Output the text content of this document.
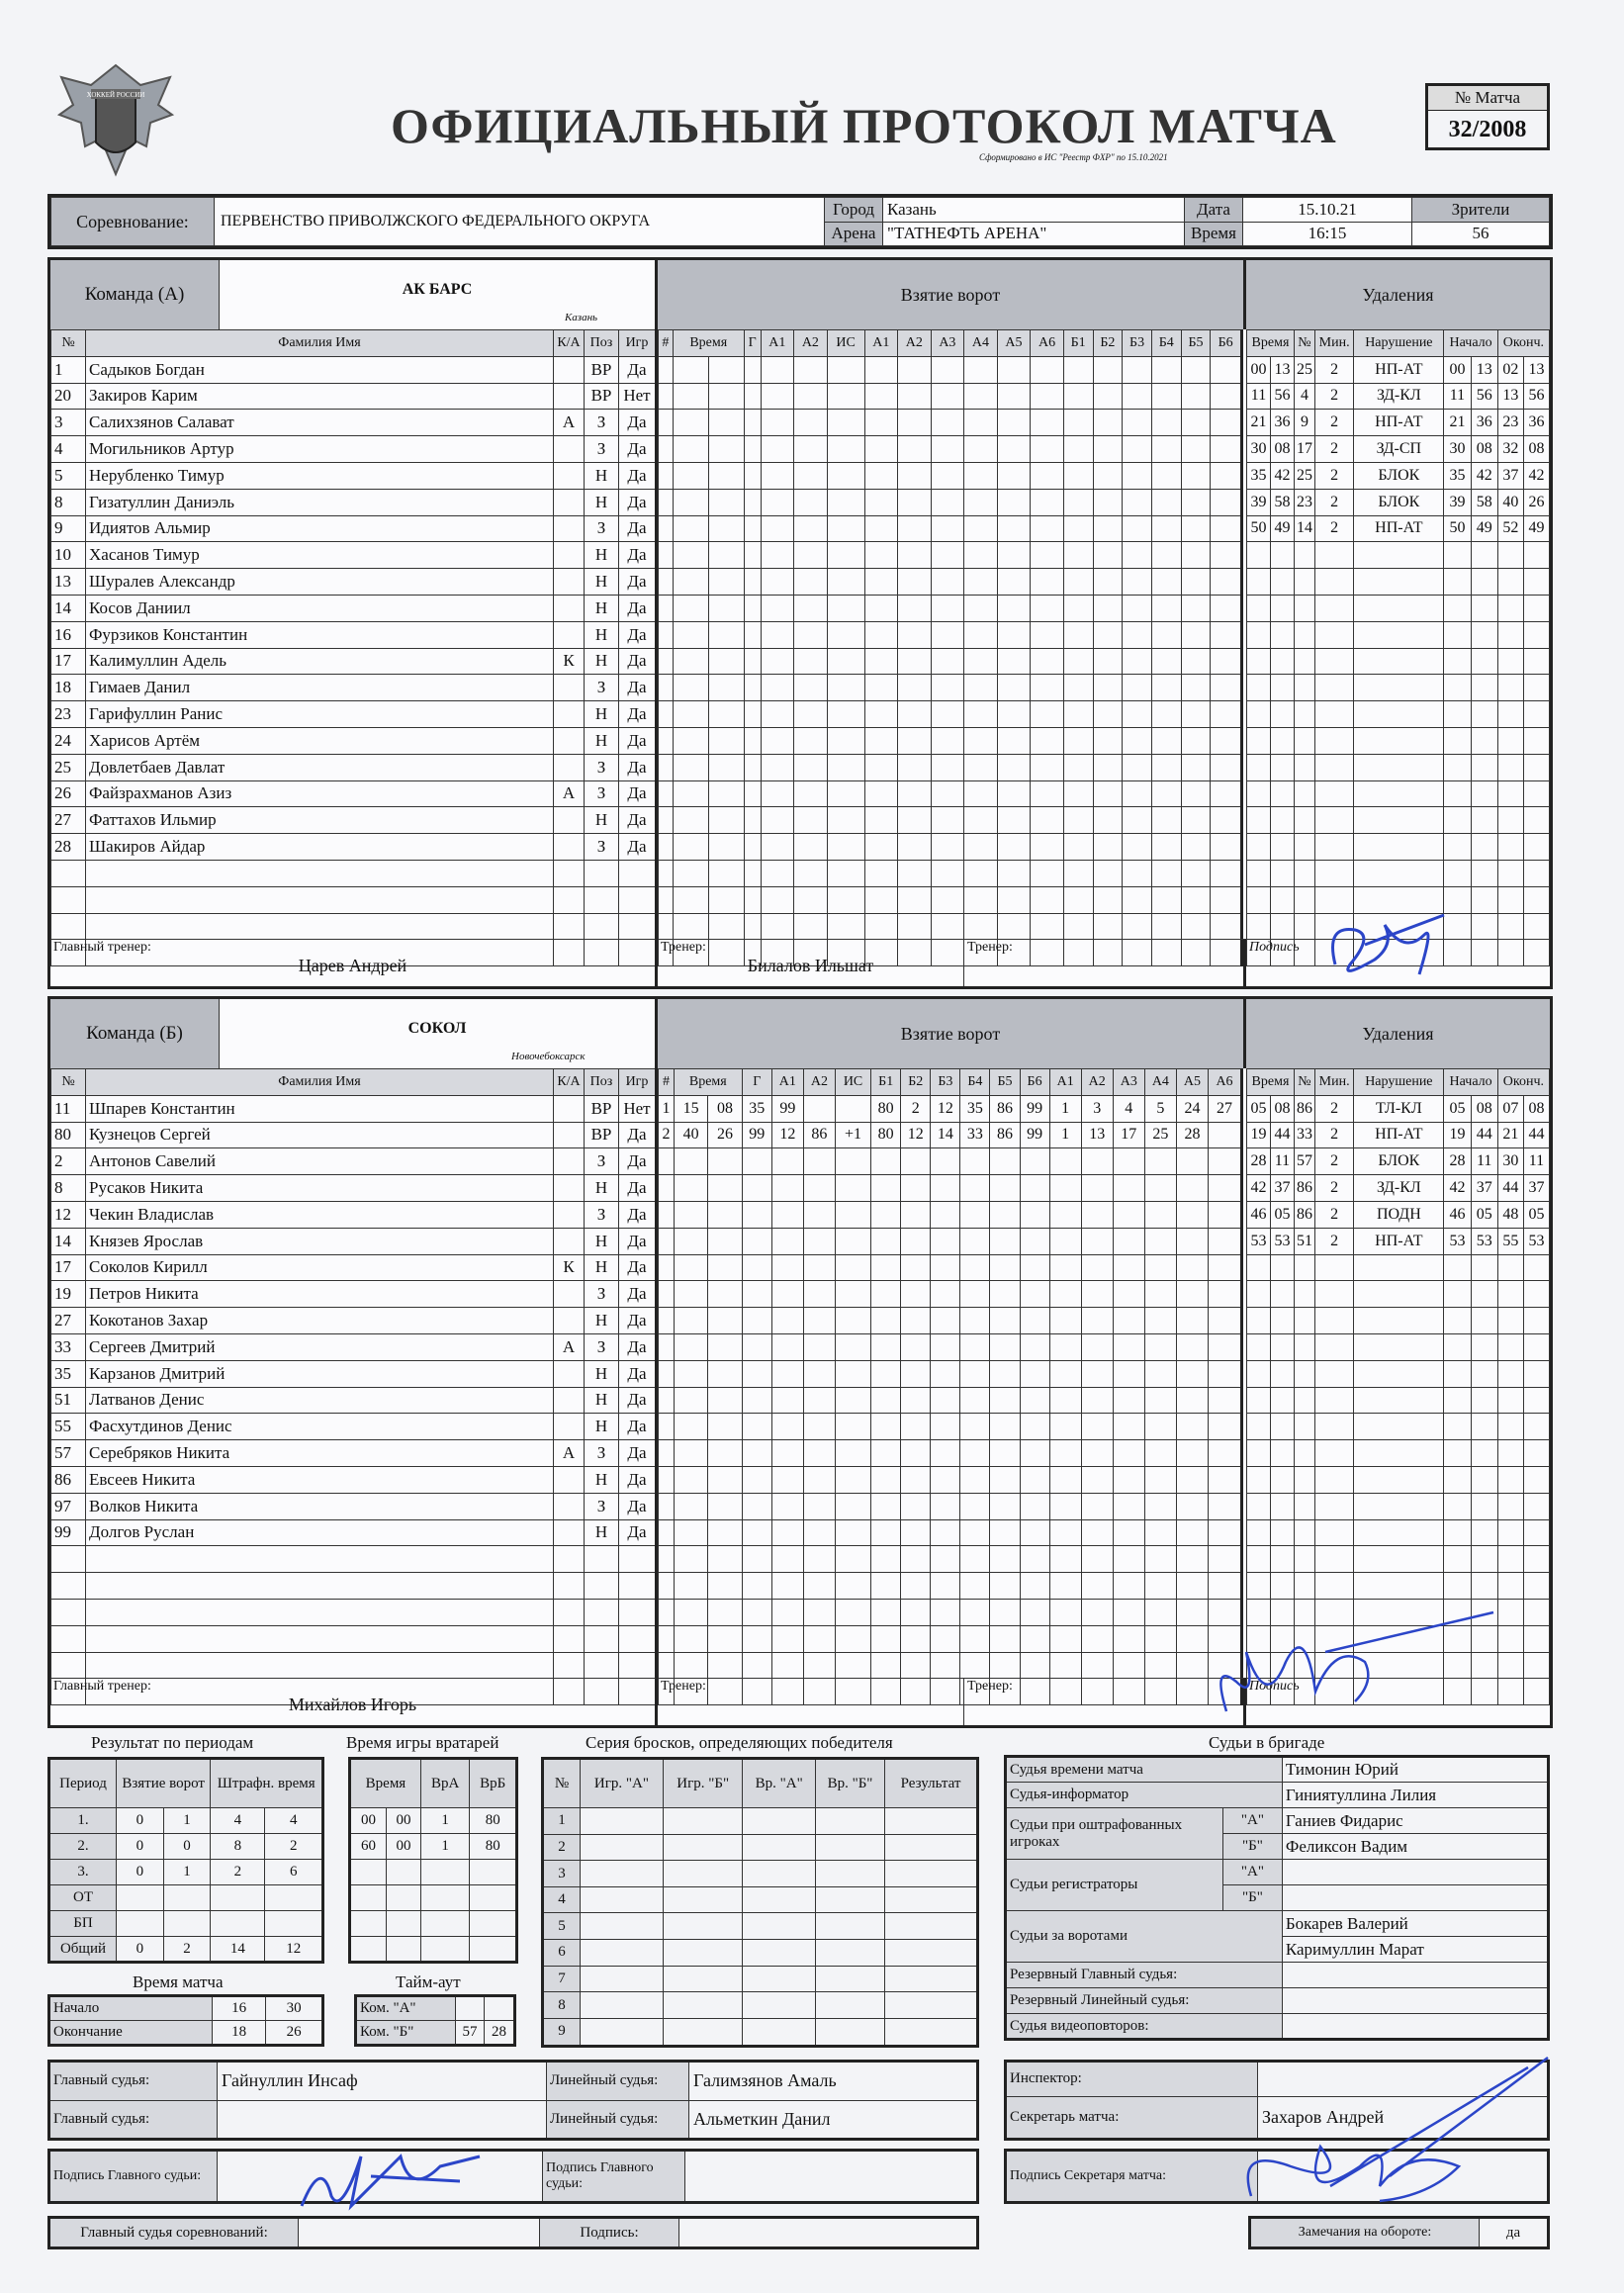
ХОККЕЙ РОССИИ
ОФИЦИАЛЬНЫЙ ПРОТОКОЛ МАТЧА
Сформировано в ИС "Реестр ФХР" по 15.10.2021
№ Матча
32/2008
Соревнование:	ПЕРВЕНСТВО ПРИВОЛЖСКОГО ФЕДЕРАЛЬНОГО ОКРУГА	Город	Казань	Дата	15.10.21	Зрители
		Арена	"ТАТНЕФТЬ АРЕНА"	Время	16:15	56
Команда (А)	АК БАРС
Казань
Взятие ворот	Удаления
№	Фамилия Имя	К/А	Поз	Игр
1	Садыков Богдан		ВР	Да
20	Закиров Карим		ВР	Нет
3	Салихзянов Салават	А	З	Да
4	Могильников Артур		З	Да
5	Нерубленко Тимур		Н	Да
8	Гизатуллин Даниэль		Н	Да
9	Идиятов Альмир		З	Да
10	Хасанов Тимур		Н	Да
13	Шуралев Александр		Н	Да
14	Косов Даниил		Н	Да
16	Фурзиков Константин		Н	Да
17	Калимуллин Адель	К	Н	Да
18	Гимаев Данил		З	Да
23	Гарифуллин Ранис		Н	Да
24	Харисов Артём		Н	Да
25	Довлетбаев Давлат		З	Да
26	Файзрахманов Азиз	А	З	Да
27	Фаттахов Ильмир		Н	Да
28	Шакиров Айдар		З	Да

#	Время		Г	А1	А2	ИС	А1	А2	А3	А4	А5	А6	Б1	Б2	Б3	Б4	Б5	Б6

																		Время		№	Мин.	Нарушение	Начало		Оконч.	
00	13	25	2	НП-АТ	00	13	02	13
11	56	4	2	ЗД-КЛ	11	56	13	56
21	36	9	2	НП-АТ	21	36	23	36
30	08	17	2	ЗД-СП	30	08	32	08
35	42	25	2	БЛОК	35	42	37	42
39	58	23	2	БЛОК	39	58	40	26
50	49	14	2	НП-АТ	50	49	52	49

Главный тренер:
Царев Андрей
Тренер:
Билалов Ильшат
Тренер:	Подпись
Команда (Б)	СОКОЛ
Новочебоксарск
Взятие ворот	Удаления
№	Фамилия Имя	К/А	Поз	Игр
11	Шпарев Константин		ВР	Нет
80	Кузнецов Сергей		ВР	Да
2	Антонов Савелий		З	Да
8	Русаков Никита		Н	Да
12	Чекин Владислав		З	Да
14	Князев Ярослав		Н	Да
17	Соколов Кирилл	К	Н	Да
19	Петров Никита		З	Да
27	Кокотанов Захар		Н	Да
33	Сергеев Дмитрий	А	З	Да
35	Карзанов Дмитрий		Н	Да
51	Латванов Денис		Н	Да
55	Фасхутдинов Денис		Н	Да
57	Серебряков Никита	А	З	Да
86	Евсеев Никита		Н	Да
97	Волков Никита		З	Да
99	Долгов Руслан		Н	Да

#	Время		Г	А1	А2	ИС	Б1	Б2	Б3	Б4	Б5	Б6	А1	А2	А3	А4	А5	А6
1	15	08	35	99			80	2	12	35	86	99	1	3	4	5	24	27
2	40	26	99	12	86	+1	80	12	14	33	86	99	1	13	17	25	28	

Время		№	Мин.	Нарушение	Начало		Оконч.	
05	08	86	2	ТЛ-КЛ	05	08	07	08
19	44	33	2	НП-АТ	19	44	21	44
28	11	57	2	БЛОК	28	11	30	11
42	37	86	2	ЗД-КЛ	42	37	44	37
46	05	86	2	ПОДН	46	05	48	05
53	53	51	2	НП-АТ	53	53	55	53

Главный тренер:
Михайлов Игорь
Тренер:	Тренер:	Подпись
Результат по периодам
Период	Взятие ворот		Штрафн. время	
1.	0	1	4	4
2.	0	0	8	2
3.	0	1	2	6
ОТ				
БП				
Общий	0	2	14	12
Время матча
Начало	16	30
Окончание	18	26
Время игры вратарей
Время		ВрА	ВрБ
00	00	1	80
60	00	1	80

Тайм-аут
Ком. "А"		
Ком. "Б"	57	28
Серия бросков, определяющих победителя
№	Игр. "А"	Игр. "Б"	Вр. "А"	Вр. "Б"	Результат
1					
2					
3					
4					
5					
6					
7					
8					
9					
Судьи в бригаде
Судья времени матча		Тимонин Юрий
Судья-информатор		Гиниятуллина Лилия
Судьи при оштрафованных игроках	"А"	Ганиев Фидарис
	"Б"	Феликсон Вадим
Судьи регистраторы	"А"	
	"Б"	
Судьи за воротами		Бокарев Валерий
		Каримуллин Марат
Резервный Главный судья:		
Резервный Линейный судья:		
Судья видеоповторов:		
Главный судья:	Гайнуллин Инсаф	Линейный судья:	Галимзянов Амаль
Главный судья:		Линейный судья:	Альметкин Данил
Инспектор:	
Секретарь матча:	Захаров Андрей
Подпись Главного судьи:		Подпись Главного судьи:	
Подпись Секретаря матча:	
Главный судья соревнований:		Подпись:		Замечания на обороте:	да
